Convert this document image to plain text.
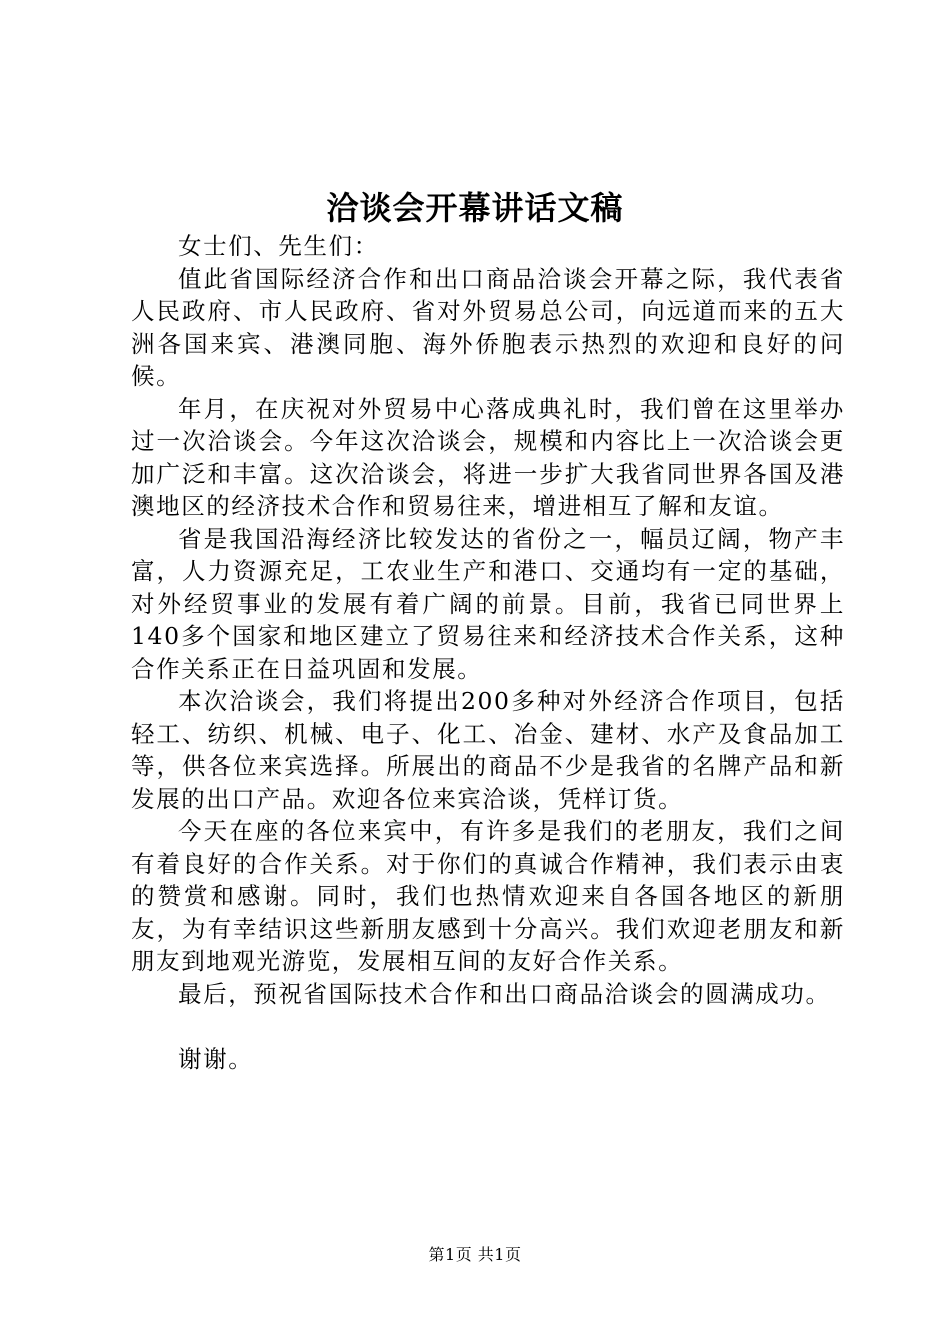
洽谈会开幕讲话文稿

女士们、先生们：

值此省国际经济合作和出口商品洽谈会开幕之际，我代表省人民政府、市人民政府、省对外贸易总公司，向远道而来的五大洲各国来宾、港澳同胞、海外侨胞表示热烈的欢迎和良好的问候。

年月，在庆祝对外贸易中心落成典礼时，我们曾在这里举办过一次洽谈会。今年这次洽谈会，规模和内容比上一次洽谈会更加广泛和丰富。这次洽谈会，将进一步扩大我省同世界各国及港澳地区的经济技术合作和贸易往来，增进相互了解和友谊。

省是我国沿海经济比较发达的省份之一，幅员辽阔，物产丰富，人力资源充足，工农业生产和港口、交通均有一定的基础，对外经贸事业的发展有着广阔的前景。目前，我省已同世界上140多个国家和地区建立了贸易往来和经济技术合作关系，这种合作关系正在日益巩固和发展。

本次洽谈会，我们将提出200多种对外经济合作项目，包括轻工、纺织、机械、电子、化工、冶金、建材、水产及食品加工等，供各位来宾选择。所展出的商品不少是我省的名牌产品和新发展的出口产品。欢迎各位来宾洽谈，凭样订货。

今天在座的各位来宾中，有许多是我们的老朋友，我们之间有着良好的合作关系。对于你们的真诚合作精神，我们表示由衷的赞赏和感谢。同时，我们也热情欢迎来自各国各地区的新朋友，为有幸结识这些新朋友感到十分高兴。我们欢迎老朋友和新朋友到地观光游览，发展相互间的友好合作关系。

最后，预祝省国际技术合作和出口商品洽谈会的圆满成功。

谢谢。

第1页 共1页
